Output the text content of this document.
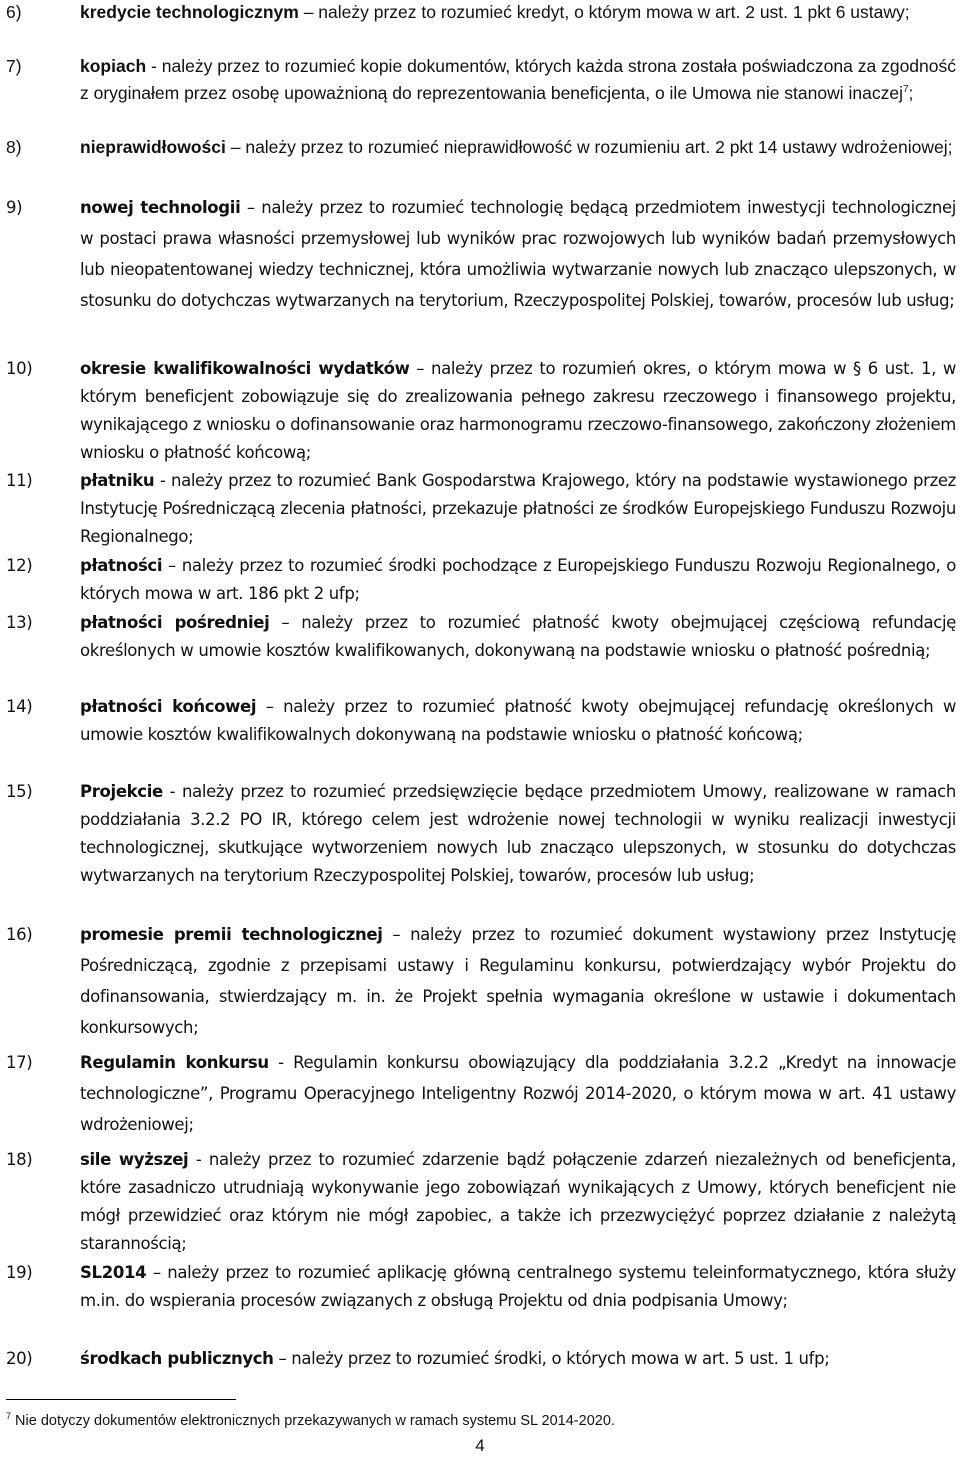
6)	kredycie technologicznym – należy przez to rozumieć kredyt, o którym mowa w art. 2 ust. 1 pkt 6 ustawy;
7)	kopiach - należy przez to rozumieć kopie dokumentów, których każda strona została poświadczona za zgodność z oryginałem przez osobę upoważnioną do reprezentowania beneficjenta, o ile Umowa nie stanowi inaczej$^7$;
8)	nieprawidłowości – należy przez to rozumieć nieprawidłowość w rozumieniu art. 2 pkt 14 ustawy wdrożeniowej;
9)	nowej technologii – należy przez to rozumieć technologię będącą przedmiotem inwestycji technologicznej w postaci prawa własności przemysłowej lub wyników prac rozwojowych lub wyników badań przemysłowych lub nieopatentowanej wiedzy technicznej, która umożliwia wytwarzanie nowych lub znacząco ulepszonych, w stosunku do dotychczas wytwarzanych na terytorium, Rzeczypospolitej Polskiej, towarów, procesów lub usług;
10)	okresie kwalifikowalności wydatków – należy przez to rozumień okres, o którym mowa w § 6 ust. 1, w którym beneficjent zobowiązuje się do zrealizowania pełnego zakresu rzeczowego i finansowego projektu, wynikającego z wniosku o dofinansowanie oraz harmonogramu rzeczowo-finansowego, zakończony złożeniem wniosku o płatność końcową;
11)	płatniku - należy przez to rozumieć Bank Gospodarstwa Krajowego, który na podstawie wystawionego przez Instytucję Pośredniczącą zlecenia płatności, przekazuje płatności ze środków Europejskiego Funduszu Rozwoju Regionalnego;
12)	płatności – należy przez to rozumieć środki pochodzące z Europejskiego Funduszu Rozwoju Regionalnego, o których mowa w art. 186 pkt 2 ufp;
13)	płatności pośredniej – należy przez to rozumieć płatność kwoty obejmującej częściową refundację określonych w umowie kosztów kwalifikowanych, dokonywaną na podstawie wniosku o płatność pośrednią;
14)	płatności końcowej – należy przez to rozumieć płatność kwoty obejmującej refundację określonych w umowie kosztów kwalifikowalnych dokonywaną na podstawie wniosku o płatność końcową;
15)	Projekcie - należy przez to rozumieć przedsięwzięcie będące przedmiotem Umowy, realizowane w ramach poddziałania 3.2.2 PO IR, którego celem jest wdrożenie nowej technologii w wyniku realizacji inwestycji technologicznej, skutkujące wytworzeniem nowych lub znacząco ulepszonych, w stosunku do dotychczas wytwarzanych na terytorium Rzeczypospolitej Polskiej, towarów, procesów lub usług;
16)	promesie premii technologicznej – należy przez to rozumieć dokument wystawiony przez Instytucję Pośredniczącą, zgodnie z przepisami ustawy i Regulaminu konkursu, potwierdzający wybór Projektu do dofinansowania, stwierdzający m. in. że Projekt spełnia wymagania określone w ustawie i dokumentach konkursowych;
17)	Regulamin konkursu - Regulamin konkursu obowiązujący dla poddziałania 3.2.2 „Kredyt na innowacje technologiczne”, Programu Operacyjnego Inteligentny Rozwój 2014-2020, o którym mowa w art. 41 ustawy wdrożeniowej;
18)	sile wyższej - należy przez to rozumieć zdarzenie bądź połączenie zdarzeń niezależnych od beneficjenta, które zasadniczo utrudniają wykonywanie jego zobowiązań wynikających z Umowy, których beneficjent nie mógł przewidzieć oraz którym nie mógł zapobiec, a także ich przezwyciężyć poprzez działanie z należytą starannością;
19)	SL2014 – należy przez to rozumieć aplikację główną centralnego systemu teleinformatycznego, która służy m.in. do wspierania procesów związanych z obsługą Projektu od dnia podpisania Umowy;
20)	środkach publicznych – należy przez to rozumieć środki, o których mowa w art. 5 ust. 1 ufp;
$^7$ Nie dotyczy dokumentów elektronicznych przekazywanych w ramach systemu SL 2014-2020.
4
